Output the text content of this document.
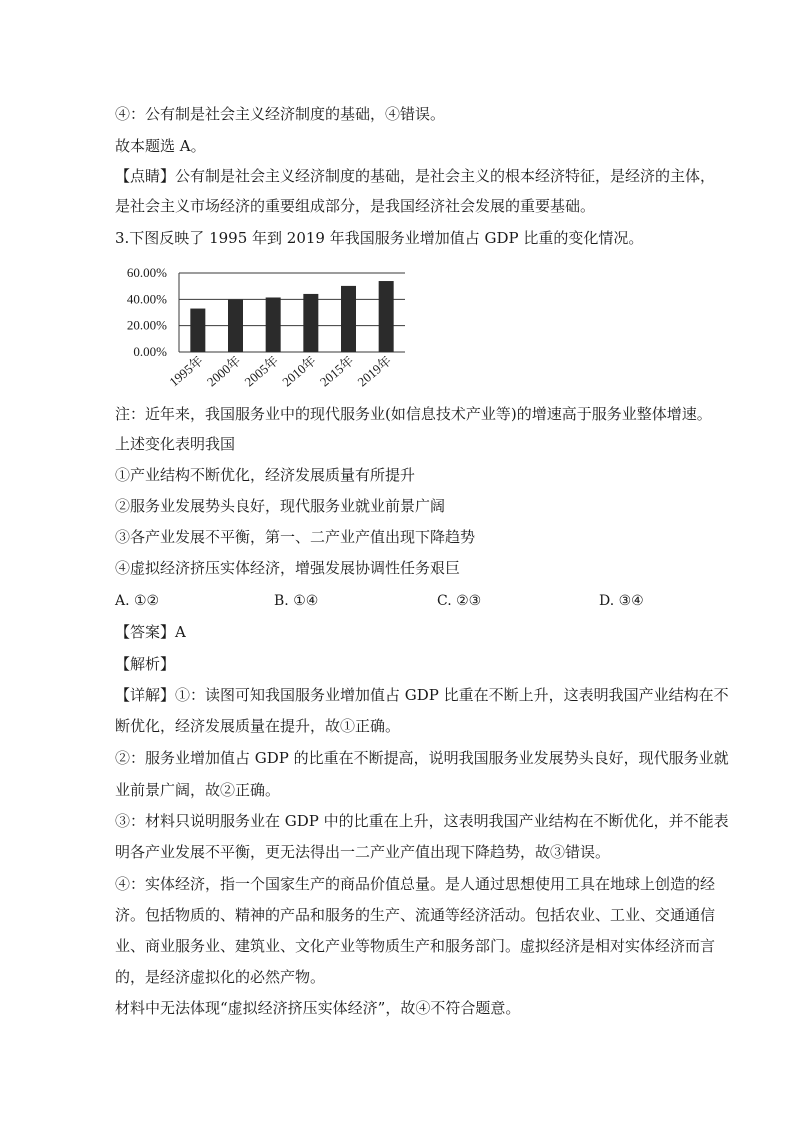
④：公有制是社会主义经济制度的基础，④错误。
故本题选 A。
【点睛】公有制是社会主义经济制度的基础，是社会主义的根本经济特征，是经济的主体，
是社会主义市场经济的重要组成部分，是我国经济社会发展的重要基础。
3.下图反映了 1995 年到 2019 年我国服务业增加值占 GDP 比重的变化情况。
60.00%
40.00%
20.00%
0.00%
1995年
2000年
2005年
2010年
2015年
2019年
注：近年来，我国服务业中的现代服务业(如信息技术产业等)的增速高于服务业整体增速。
上述变化表明我国
①产业结构不断优化，经济发展质量有所提升
②服务业发展势头良好，现代服务业就业前景广阔
③各产业发展不平衡，第一、二产业产值出现下降趋势
④虚拟经济挤压实体经济，增强发展协调性任务艰巨
A. ①②	B. ①④	C. ②③	D. ③④
【答案】A
【解析】
【详解】①：读图可知我国服务业增加值占 GDP 比重在不断上升，这表明我国产业结构在不
断优化，经济发展质量在提升，故①正确。
②：服务业增加值占 GDP 的比重在不断提高，说明我国服务业发展势头良好，现代服务业就
业前景广阔，故②正确。
③：材料只说明服务业在 GDP 中的比重在上升，这表明我国产业结构在不断优化，并不能表
明各产业发展不平衡，更无法得出一二产业产值出现下降趋势，故③错误。
④：实体经济，指一个国家生产的商品价值总量。是人通过思想使用工具在地球上创造的经
济。包括物质的、精神的产品和服务的生产、流通等经济活动。包括农业、工业、交通通信
业、商业服务业、建筑业、文化产业等物质生产和服务部门。虚拟经济是相对实体经济而言
的，是经济虚拟化的必然产物。
材料中无法体现“虚拟经济挤压实体经济”，故④不符合题意。
